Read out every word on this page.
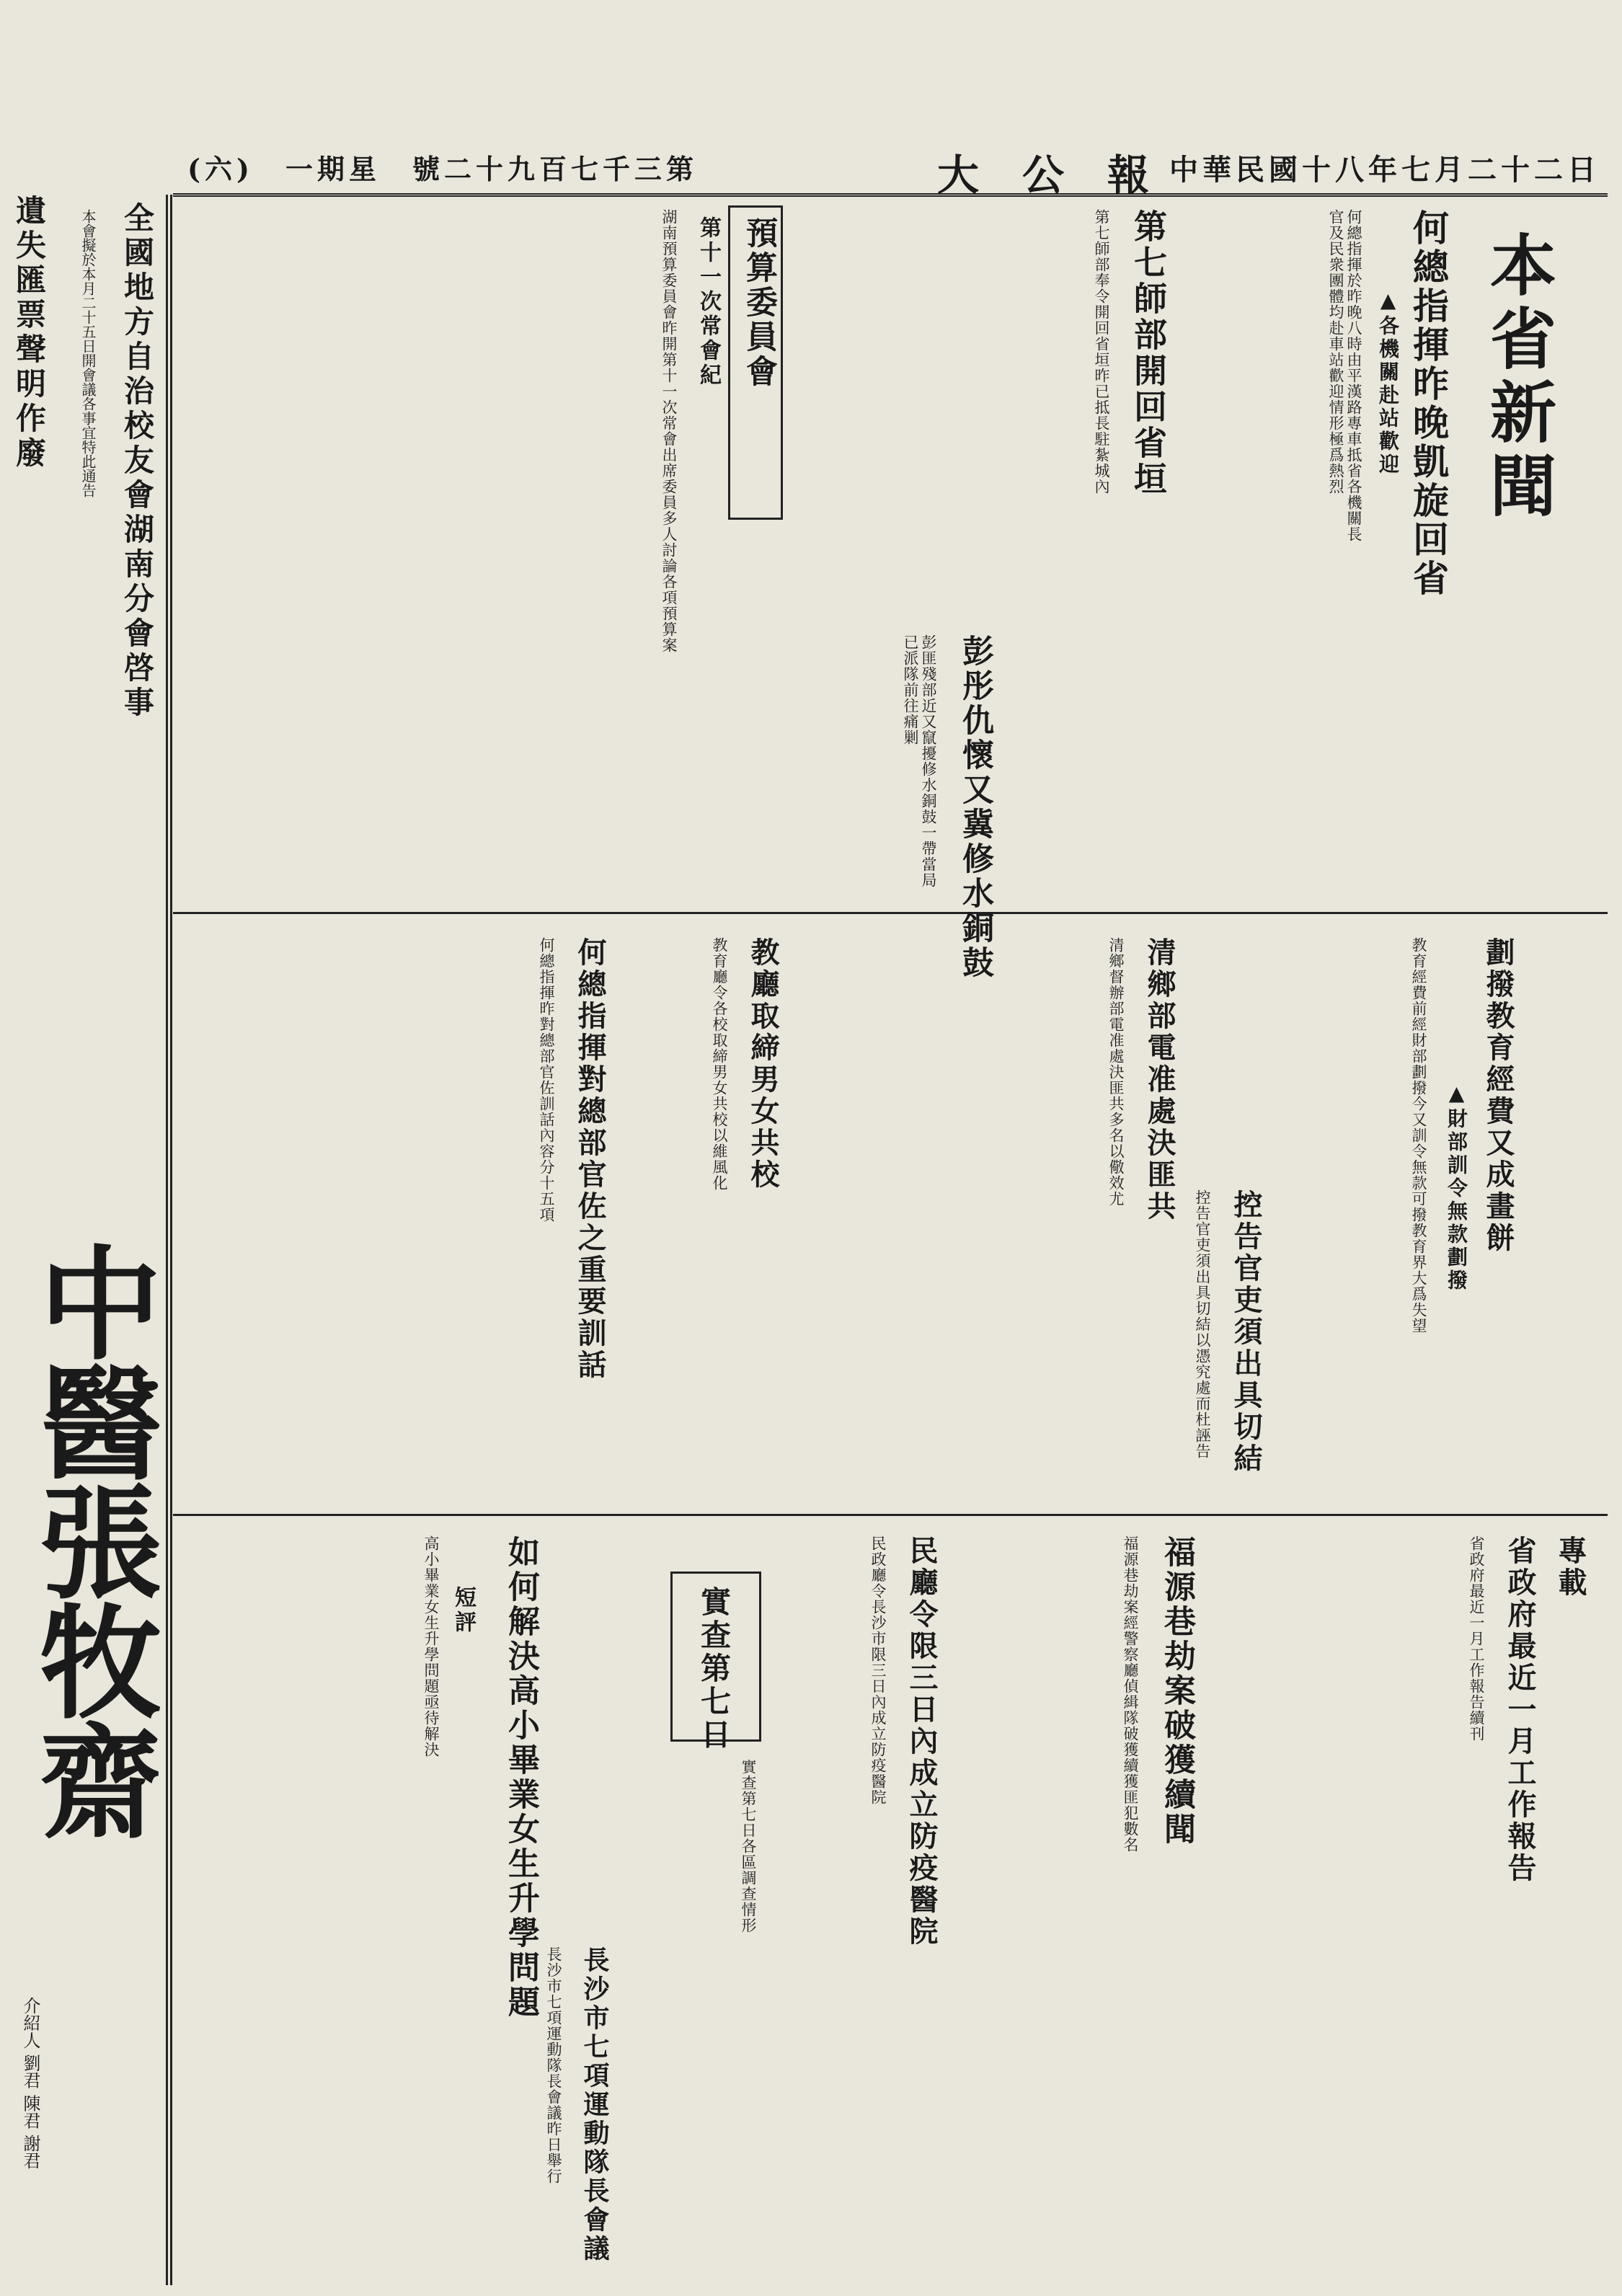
中華民國十八年七月二十二日
大公報
(六)　一期星　號二十九百七千三第
全國地方自治校友會湖南分會啓事
本會擬於本月二十五日開會議各事宜特此通告
遺失匯票聲明作廢
中醫張牧齋
介紹人 劉君 陳君 謝君
本省新聞
何總指揮昨晚凱旋回省
▲各機關赴站歡迎
何總指揮於昨晚八時由平漢路專車抵省各機關長官及民衆團體均赴車站歡迎情形極爲熱烈
第七師部開回省垣
第七師部奉令開回省垣昨已抵長駐紮城內
彭彤仇懷又冀修水銅鼓
彭匪殘部近又竄擾修水銅鼓一帶當局已派隊前往痛剿
預算委員會
第十一次常會紀
湖南預算委員會昨開第十一次常會出席委員多人討論各項預算案
清鄉部電准處決匪共
清鄉督辦部電准處決匪共多名以儆效尤	劃撥教育經費又成畫餅
▲財部訓令無款劃撥
教育經費前經財部劃撥今又訓令無款可撥教育界大爲失望
控告官吏須出具切結
控告官吏須出具切結以憑究處而杜誣告
教廳取締男女共校
教育廳令各校取締男女共校以維風化
何總指揮對總部官佐之重要訓話
何總指揮昨對總部官佐訓話內容分十五項
專載
省政府最近一月工作報告
省政府最近一月工作報告續刊
福源巷劫案破獲續聞
福源巷劫案經警察廳偵緝隊破獲續獲匪犯數名
民廳令限三日內成立防疫醫院
民政廳令長沙市限三日內成立防疫醫院
實查第七日
實查第七日各區調查情形
如何解決高小畢業女生升學問題
短評
高小畢業女生升學問題亟待解決
長沙市七項運動隊長會議
長沙市七項運動隊長會議昨日舉行
